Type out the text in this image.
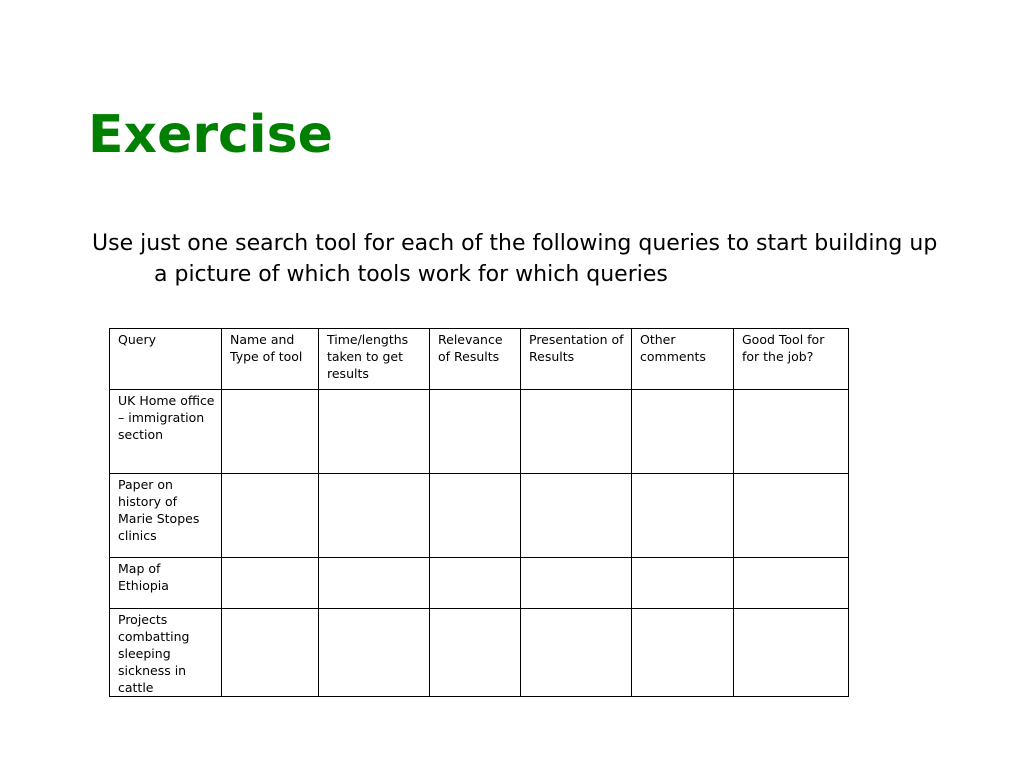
Exercise

Use just one search tool for each of the following queries to start building up a picture of which tools work for which queries

Query	Name and Type of tool	Time/lengths taken to get results	Relevance of Results	Presentation of Results	Other comments	Good Tool for for the job?
UK Home office – immigration section						
Paper on history of Marie Stopes clinics						
Map of Ethiopia						
Projects combatting sleeping sickness in cattle						
